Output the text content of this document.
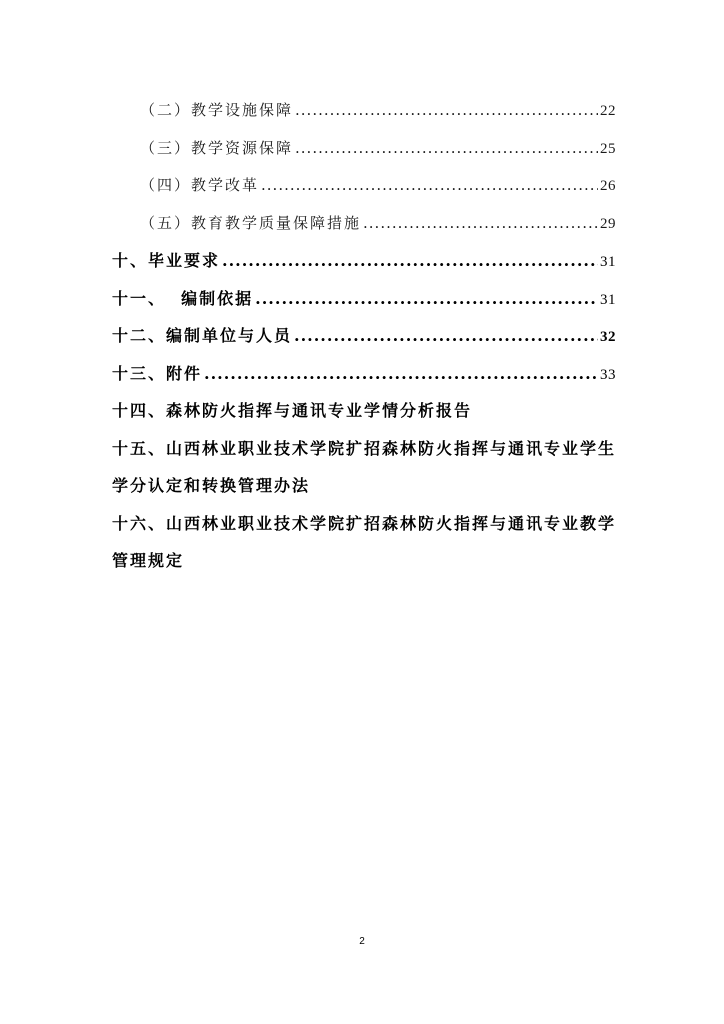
（二）教学设施保障 .....	22
（三）教学资源保障 .....	25
（四）教学改革 .....	26
（五）教育教学质量保障措施 .....	29
十、毕业要求 .....	31
十一、  编制依据 .....	31
十二、编制单位与人员 .....	32
十三、附件 .....	33
十四、森林防火指挥与通讯专业学情分析报告
十五、山西林业职业技术学院扩招森林防火指挥与通讯专业学生学分认定和转换管理办法
十六、山西林业职业技术学院扩招森林防火指挥与通讯专业教学管理规定
2
